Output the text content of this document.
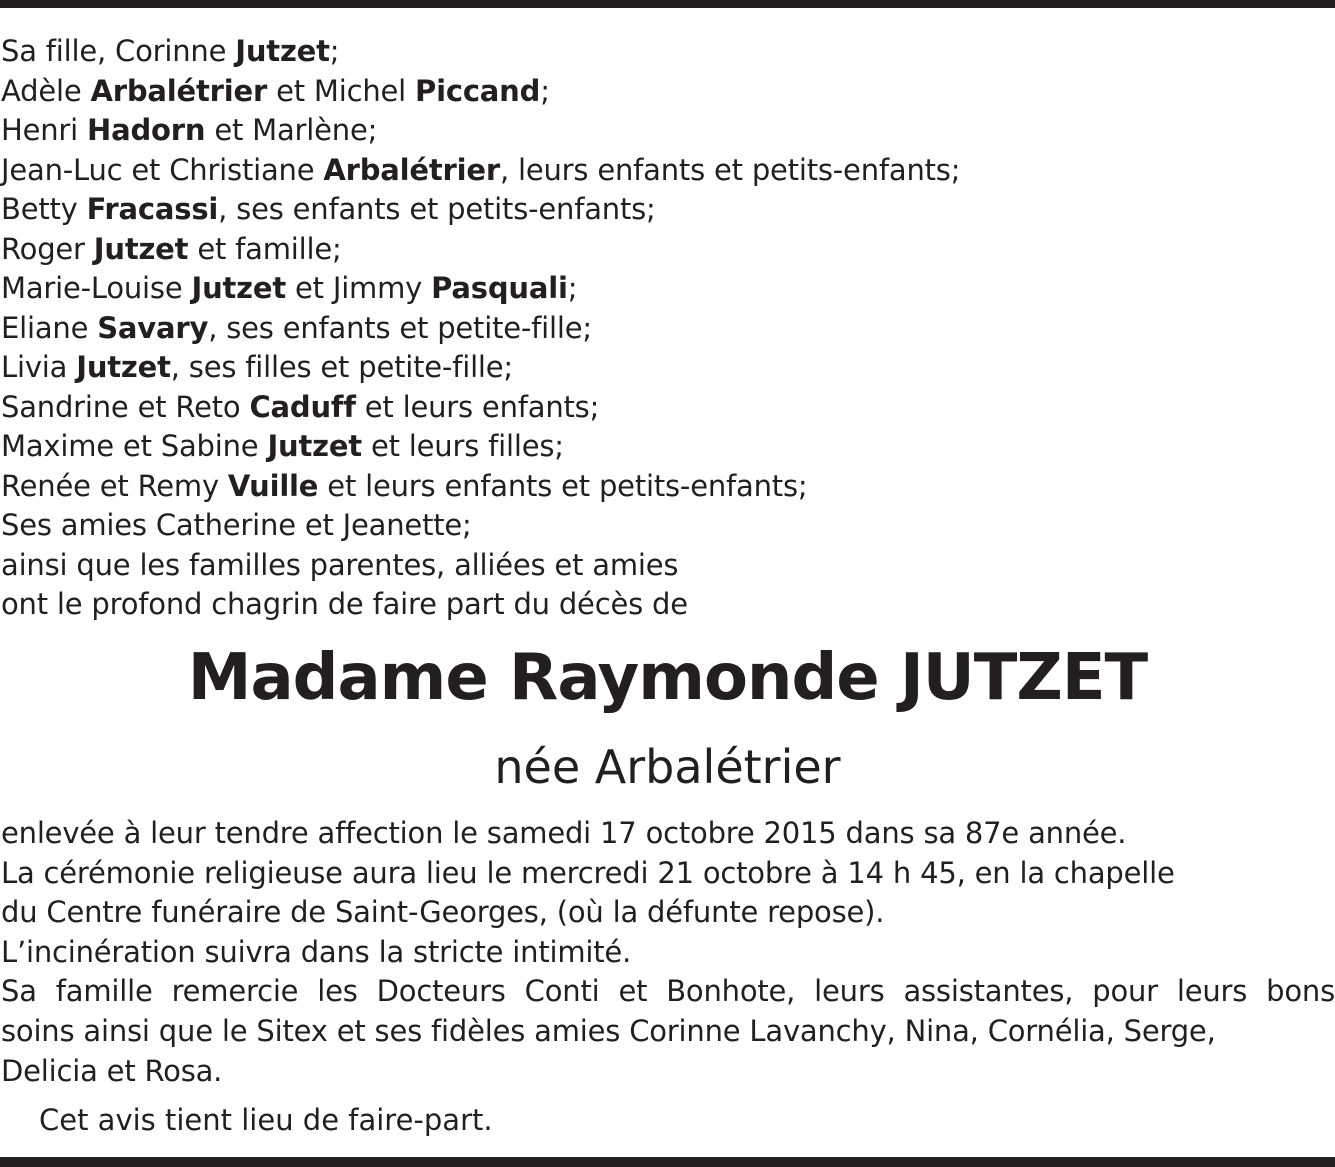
Sa fille, Corinne Jutzet;
Adèle Arbalétrier et Michel Piccand;
Henri Hadorn et Marlène;
Jean-Luc et Christiane Arbalétrier, leurs enfants et petits-enfants;
Betty Fracassi, ses enfants et petits-enfants;
Roger Jutzet et famille;
Marie-Louise Jutzet et Jimmy Pasquali;
Eliane Savary, ses enfants et petite-fille;
Livia Jutzet, ses filles et petite-fille;
Sandrine et Reto Caduff et leurs enfants;
Maxime et Sabine Jutzet et leurs filles;
Renée et Remy Vuille et leurs enfants et petits-enfants;
Ses amies Catherine et Jeanette;
ainsi que les familles parentes, alliées et amies
ont le profond chagrin de faire part du décès de
Madame Raymonde JUTZET
née Arbalétrier
enlevée à leur tendre affection le samedi 17 octobre 2015 dans sa 87e année.
La cérémonie religieuse aura lieu le mercredi 21 octobre à 14 h 45, en la chapelle
du Centre funéraire de Saint-Georges, (où la défunte repose).
L’incinération suivra dans la stricte intimité.
Sa famille remercie les Docteurs Conti et Bonhote, leurs assistantes, pour leurs bons
soins ainsi que le Sitex et ses fidèles amies Corinne Lavanchy, Nina, Cornélia, Serge,
Delicia et Rosa.
Cet avis tient lieu de faire-part.
